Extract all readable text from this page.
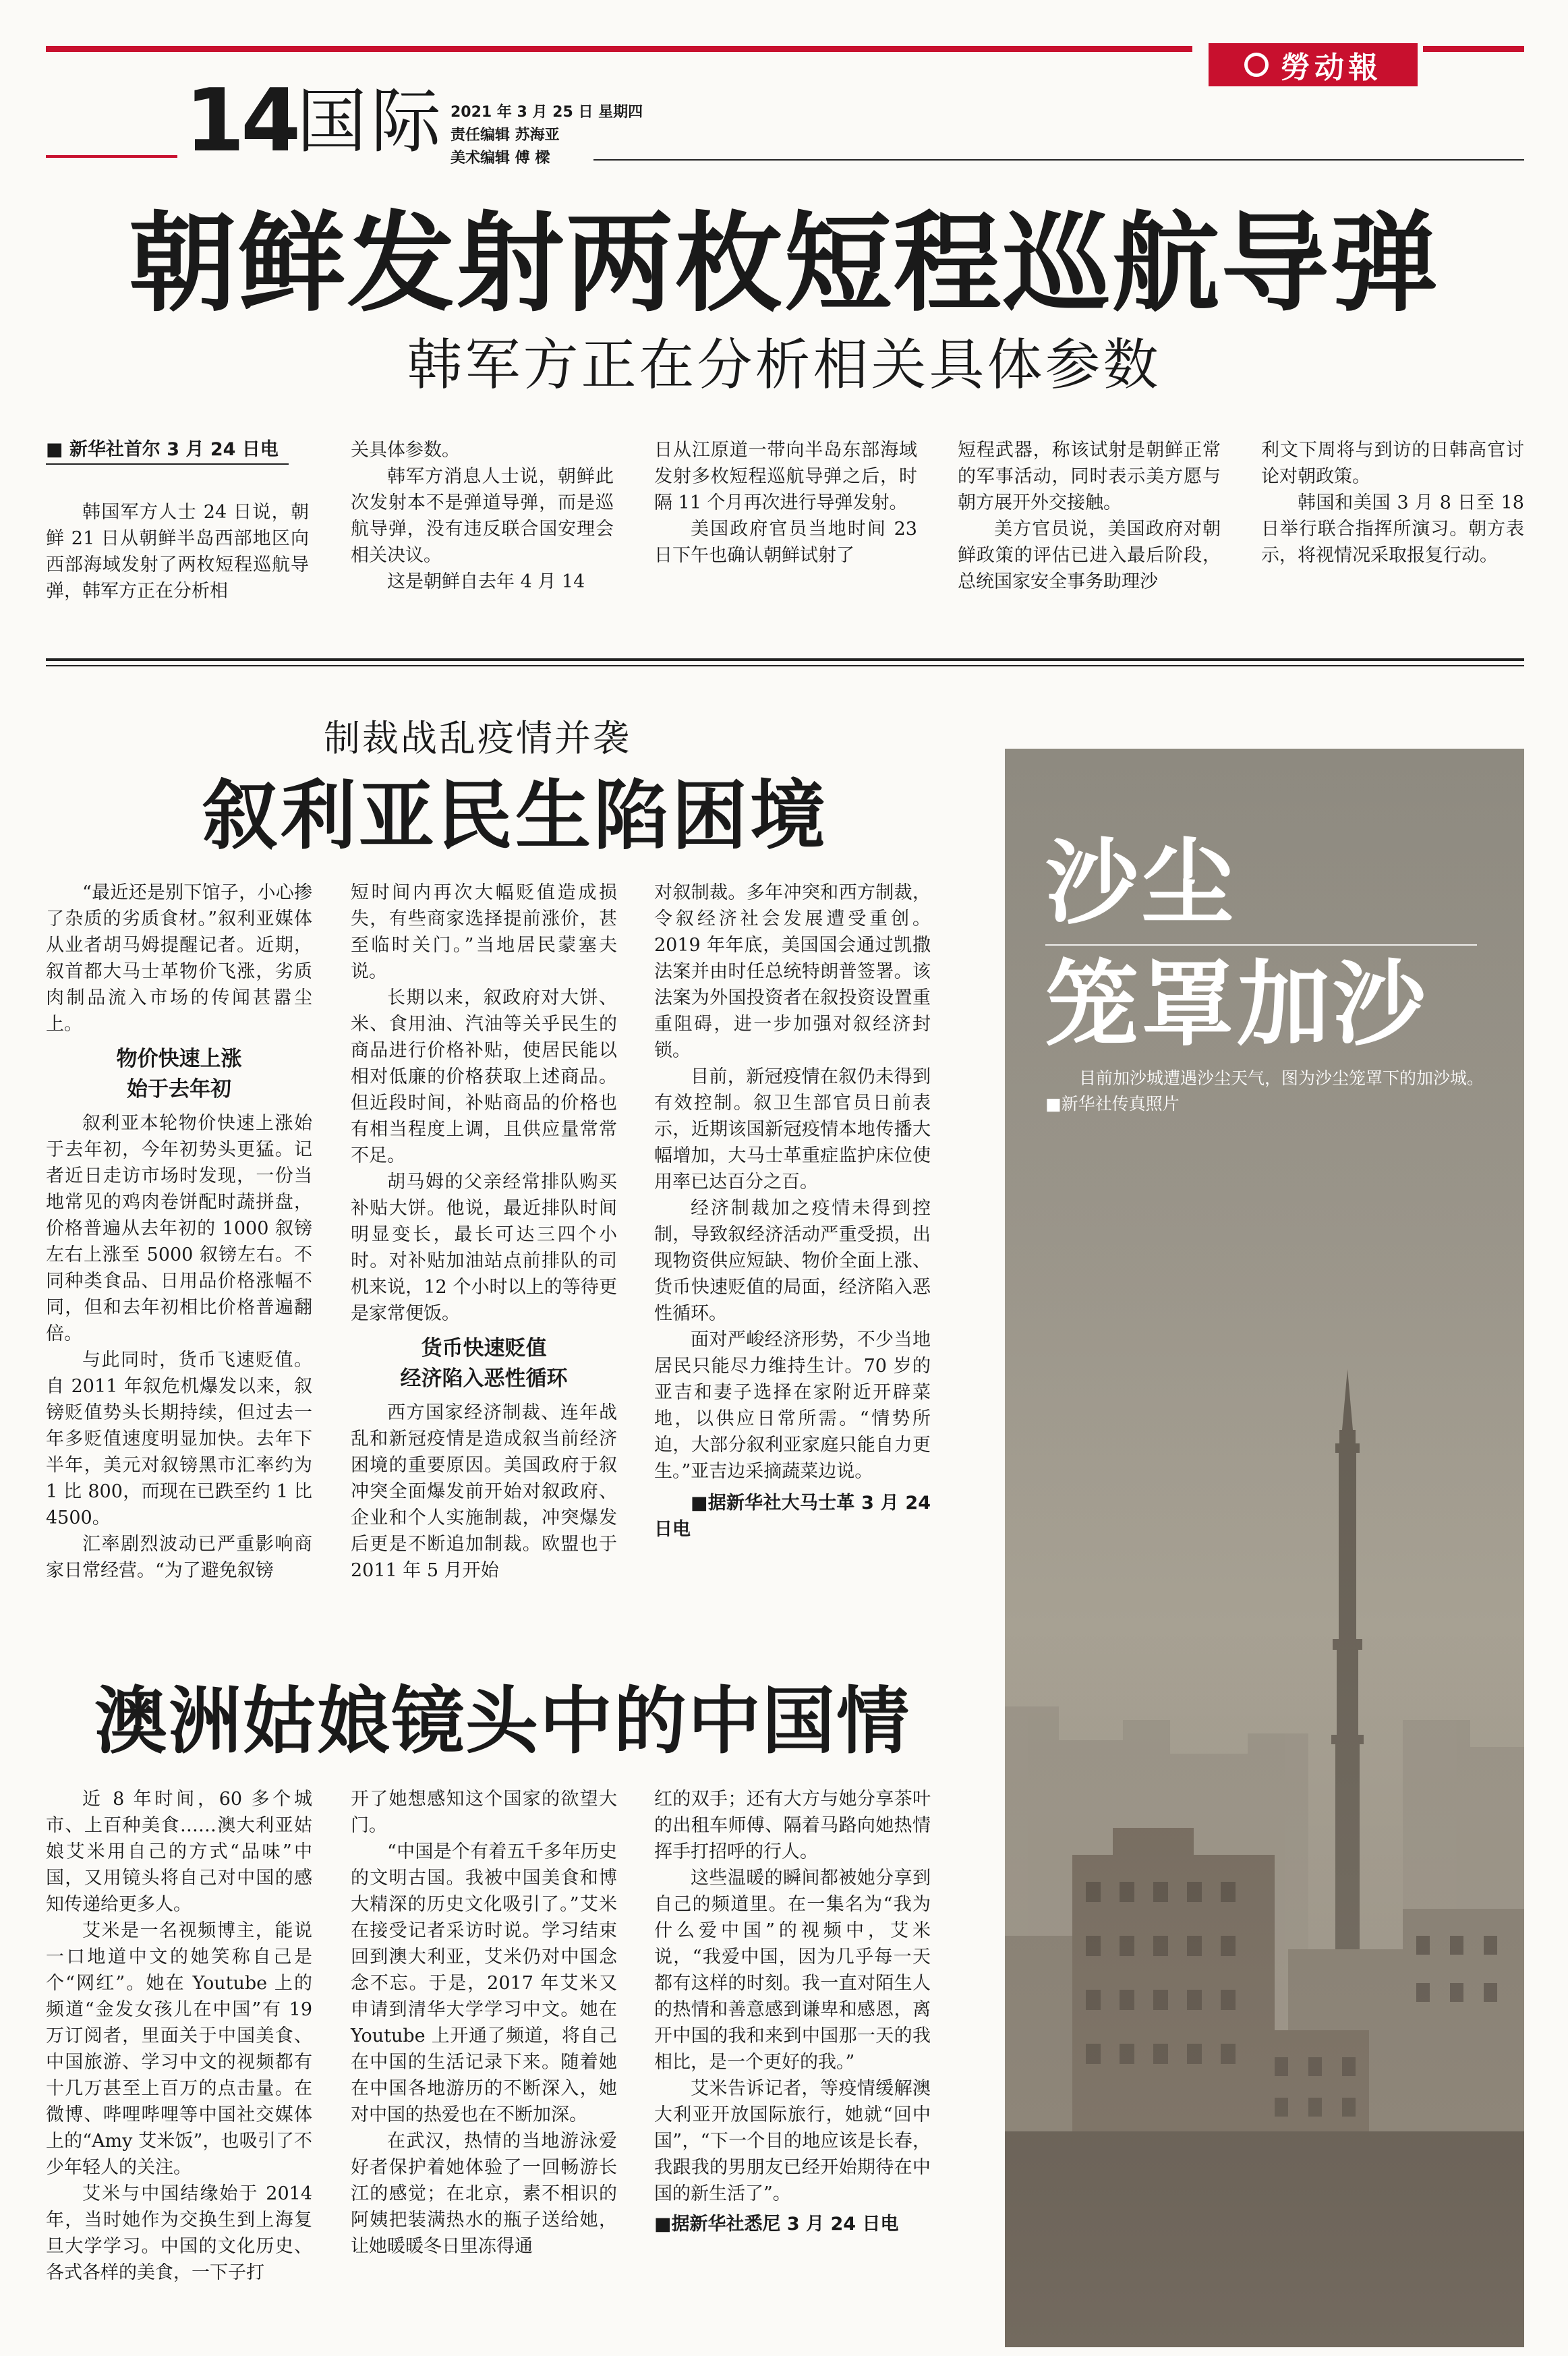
勞动報
14 国际 2021 年 3 月 25 日 星期四
责任编辑 苏海亚
美术编辑 傅 樑
朝鲜发射两枚短程巡航导弹
韩军方正在分析相关具体参数
■ 新华社首尔 3 月 24 日电

韩国军方人士 24 日说，朝鲜 21 日从朝鲜半岛西部地区向西部海域发射了两枚短程巡航导弹，韩军方正在分析相

关具体参数。

韩军方消息人士说，朝鲜此次发射本不是弹道导弹，而是巡航导弹，没有违反联合国安理会相关决议。

这是朝鲜自去年 4 月 14

日从江原道一带向半岛东部海域发射多枚短程巡航导弹之后，时隔 11 个月再次进行导弹发射。

美国政府官员当地时间 23 日下午也确认朝鲜试射了

短程武器，称该试射是朝鲜正常的军事活动，同时表示美方愿与朝方展开外交接触。

美方官员说，美国政府对朝鲜政策的评估已进入最后阶段，总统国家安全事务助理沙

利文下周将与到访的日韩高官讨论对朝政策。

韩国和美国 3 月 8 日至 18 日举行联合指挥所演习。朝方表示，将视情况采取报复行动。

制裁战乱疫情并袭
叙利亚民生陷困境

“最近还是别下馆子，小心掺了杂质的劣质食材。”叙利亚媒体从业者胡马姆提醒记者。近期，叙首都大马士革物价飞涨，劣质肉制品流入市场的传闻甚嚣尘上。

物价快速上涨
始于去年初

叙利亚本轮物价快速上涨始于去年初，今年初势头更猛。记者近日走访市场时发现，一份当地常见的鸡肉卷饼配时蔬拼盘，价格普遍从去年初的 1000 叙镑左右上涨至 5000 叙镑左右。不同种类食品、日用品价格涨幅不同，但和去年初相比价格普遍翻倍。

与此同时，货币飞速贬值。自 2011 年叙危机爆发以来，叙镑贬值势头长期持续，但过去一年多贬值速度明显加快。去年下半年，美元对叙镑黑市汇率约为 1 比 800，而现在已跌至约 1 比 4500。

汇率剧烈波动已严重影响商家日常经营。“为了避免叙镑

短时间内再次大幅贬值造成损失，有些商家选择提前涨价，甚至临时关门。”当地居民蒙塞夫说。

长期以来，叙政府对大饼、米、食用油、汽油等关乎民生的商品进行价格补贴，使居民能以相对低廉的价格获取上述商品。但近段时间，补贴商品的价格也有相当程度上调，且供应量常常不足。

胡马姆的父亲经常排队购买补贴大饼。他说，最近排队时间明显变长，最长可达三四个小时。对补贴加油站点前排队的司机来说，12 个小时以上的等待更是家常便饭。

货币快速贬值
经济陷入恶性循环

西方国家经济制裁、连年战乱和新冠疫情是造成叙当前经济困境的重要原因。美国政府于叙冲突全面爆发前开始对叙政府、企业和个人实施制裁，冲突爆发后更是不断追加制裁。欧盟也于 2011 年 5 月开始

对叙制裁。多年冲突和西方制裁，令叙经济社会发展遭受重创。2019 年年底，美国国会通过凯撒法案并由时任总统特朗普签署。该法案为外国投资者在叙投资设置重重阻碍，进一步加强对叙经济封锁。

目前，新冠疫情在叙仍未得到有效控制。叙卫生部官员日前表示，近期该国新冠疫情本地传播大幅增加，大马士革重症监护床位使用率已达百分之百。

经济制裁加之疫情未得到控制，导致叙经济活动严重受损，出现物资供应短缺、物价全面上涨、货币快速贬值的局面，经济陷入恶性循环。

面对严峻经济形势，不少当地居民只能尽力维持生计。70 岁的亚吉和妻子选择在家附近开辟菜地，以供应日常所需。“情势所迫，大部分叙利亚家庭只能自力更生。”亚吉边采摘蔬菜边说。

■据新华社大马士革 3 月 24 日电

沙尘
笼罩加沙
目前加沙城遭遇沙尘天气，图为沙尘笼罩下的加沙城。■新华社传真照片
澳洲姑娘镜头中的中国情

近 8 年时间，60 多个城市、上百种美食……澳大利亚姑娘艾米用自己的方式“品味”中国，又用镜头将自己对中国的感知传递给更多人。

艾米是一名视频博主，能说一口地道中文的她笑称自己是个“网红”。她在 Youtube 上的频道“金发女孩儿在中国”有 19 万订阅者，里面关于中国美食、中国旅游、学习中文的视频都有十几万甚至上百万的点击量。在微博、哔哩哔哩等中国社交媒体上的“Amy 艾米饭”，也吸引了不少年轻人的关注。

艾米与中国结缘始于 2014 年，当时她作为交换生到上海复旦大学学习。中国的文化历史、各式各样的美食，一下子打

开了她想感知这个国家的欲望大门。

“中国是个有着五千多年历史的文明古国。我被中国美食和博大精深的历史文化吸引了。”艾米在接受记者采访时说。学习结束回到澳大利亚，艾米仍对中国念念不忘。于是，2017 年艾米又申请到清华大学学习中文。她在 Youtube 上开通了频道，将自己在中国的生活记录下来。随着她在中国各地游历的不断深入，她对中国的热爱也在不断加深。

在武汉，热情的当地游泳爱好者保护着她体验了一回畅游长江的感觉；在北京，素不相识的阿姨把装满热水的瓶子送给她，让她暖暖冬日里冻得通

红的双手；还有大方与她分享茶叶的出租车师傅、隔着马路向她热情挥手打招呼的行人。

这些温暖的瞬间都被她分享到自己的频道里。在一集名为“我为什么爱中国”的视频中，艾米说，“我爱中国，因为几乎每一天都有这样的时刻。我一直对陌生人的热情和善意感到谦卑和感恩，离开中国的我和来到中国那一天的我相比，是一个更好的我。”

艾米告诉记者，等疫情缓解澳大利亚开放国际旅行，她就“回中国”，“下一个目的地应该是长春，我跟我的男朋友已经开始期待在中国的新生活了”。

■据新华社悉尼 3 月 24 日电
